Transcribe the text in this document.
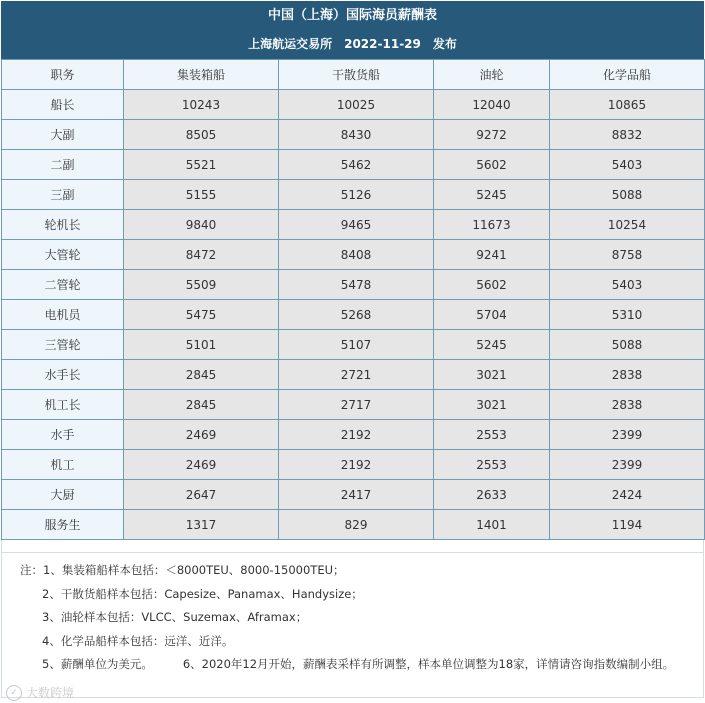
中国（上海）国际海员薪酬表
上海航运交易所 2022-11-29 发布
职务	集装箱船	干散货船	油轮	化学品船
船长	10243	10025	12040	10865
大副	8505	8430	9272	8832
二副	5521	5462	5602	5403
三副	5155	5126	5245	5088
轮机长	9840	9465	11673	10254
大管轮	8472	8408	9241	8758
二管轮	5509	5478	5602	5403
电机员	5475	5268	5704	5310
三管轮	5101	5107	5245	5088
水手长	2845	2721	3021	2838
机工长	2845	2717	3021	2838
水手	2469	2192	2553	2399
机工	2469	2192	2553	2399
大厨	2647	2417	2633	2424
服务生	1317	829	1401	1194
注：1、集装箱船样本包括：＜8000TEU、8000-15000TEU；
2、干散货船样本包括：Capesize、Panamax、Handysize；
3、油轮样本包括：VLCC、Suzemax、Aframax；
4、化学品船样本包括：远洋、近洋。
5、薪酬单位为美元。	6、2020年12月开始，薪酬表采样有所调整，样本单位调整为18家，详情请咨询指数编制小组。
✓ 大数跨境
